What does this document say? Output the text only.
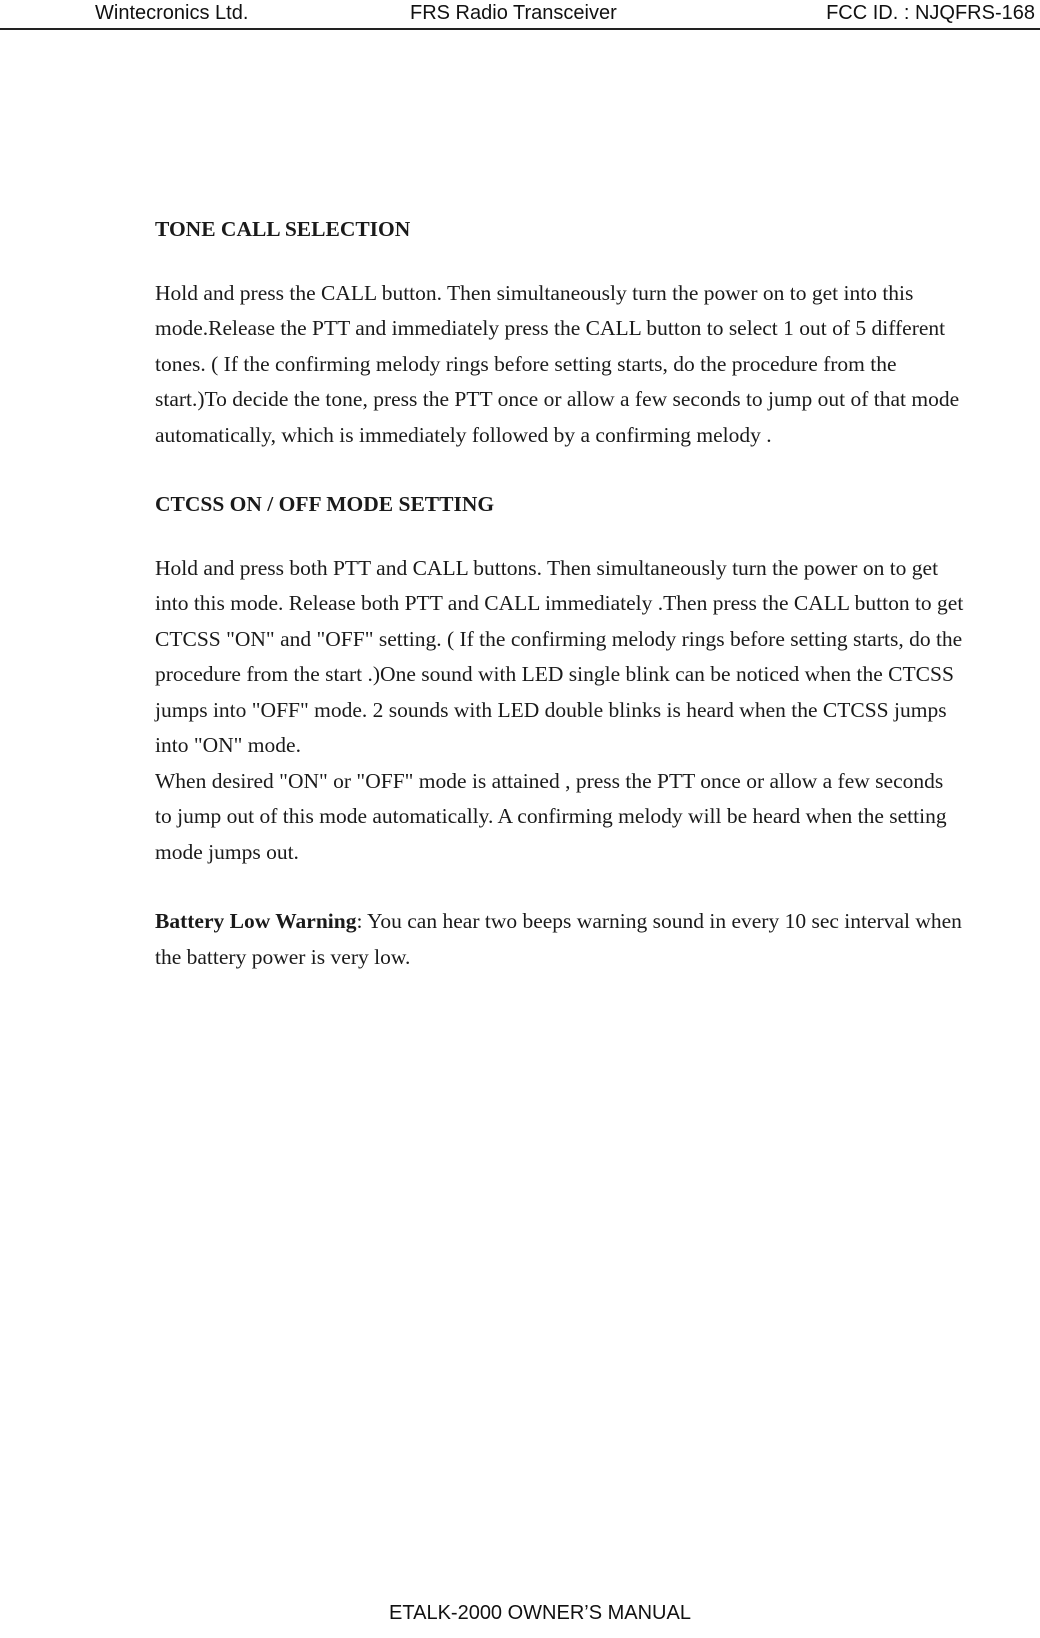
Wintecronics Ltd.	FRS Radio Transceiver	FCC ID. : NJQFRS-168
TONE CALL SELECTION

Hold and press the CALL button. Then simultaneously turn the power on to get into this mode.Release the PTT and immediately press the CALL button to select 1 out of 5 different tones. ( If the confirming melody rings before setting starts, do the procedure from the start.)To decide the tone, press the PTT once or allow a few seconds to jump out of that mode automatically, which is immediately followed by a confirming melody .

CTCSS ON / OFF MODE SETTING

Hold and press both PTT and CALL buttons. Then simultaneously turn the power on to get into this mode. Release both PTT and CALL immediately .Then press the CALL button to get CTCSS "ON" and "OFF" setting. ( If the confirming melody rings before setting starts, do the procedure from the start .)One sound with LED single blink can be noticed when the CTCSS jumps into "OFF" mode. 2 sounds with LED double blinks is heard when the CTCSS jumps into "ON" mode.

When desired "ON" or "OFF" mode is attained , press the PTT once or allow a few seconds to jump out of this mode automatically. A confirming melody will be heard when the setting mode jumps out.

Battery Low Warning: You can hear two beeps warning sound in every 10 sec interval when the battery power is very low.

ETALK-2000 OWNER’S MANUAL
